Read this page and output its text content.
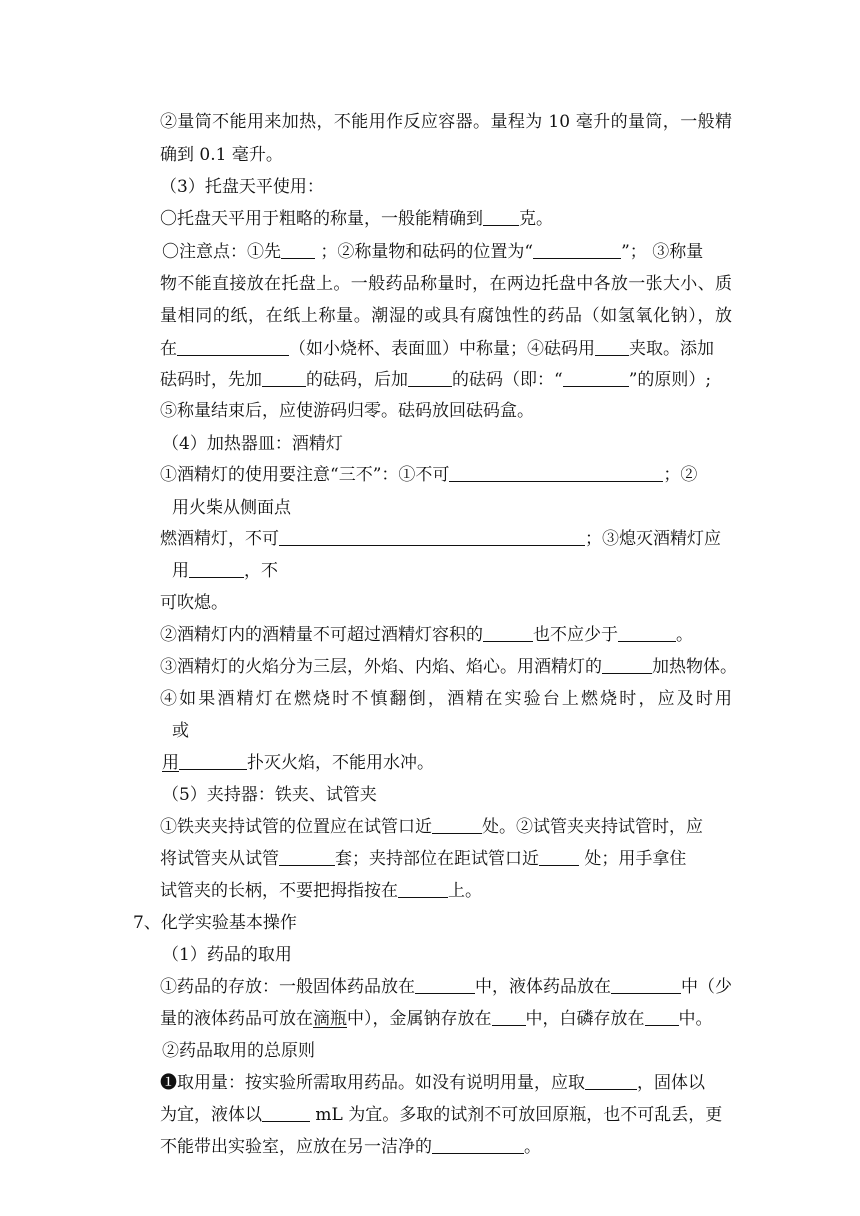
②量筒不能用来加热，不能用作反应容器。量程为 10 毫升的量筒，一般精
确到 0.1 毫升。
（3）托盘天平使用：
〇托盘天平用于粗略的称量，一般能精确到 克。
〇注意点：①先 ；②称量物和砝码的位置为“	”； ③称量
物不能直接放在托盘上。一般药品称量时，在两边托盘中各放一张大小、质
量相同的纸，在纸上称量。潮湿的或具有腐蚀性的药品（如氢氧化钠），放
在	（如小烧杯、表面皿）中称量；④砝码用 夹取。添加
砝码时，先加	的砝码，后加	的砝码（即：“	”的原则）;
⑤称量结束后，应使游码归零。砝码放回砝码盒。
（4）加热器皿：酒精灯
①酒精灯的使用要注意“三不”：①不可	；②
用火柴从侧面点
燃酒精灯，不可	；③熄灭酒精灯应
用	，不
可吹熄。
②酒精灯内的酒精量不可超过酒精灯容积的	也不应少于	。
③酒精灯的火焰分为三层，外焰、内焰、焰心。用酒精灯的	加热物体。
④如果酒精灯在燃烧时不慎翻倒，酒精在实验台上燃烧时，应及时用
或
用	扑灭火焰，不能用水冲。
（5）夹持器：铁夹、试管夹
①铁夹夹持试管的位置应在试管口近	处。②试管夹夹持试管时，应
将试管夹从试管	套；夹持部位在距试管口近 处；用手拿住
试管夹的长柄，不要把拇指按在	上。
7、化学实验基本操作
（1）药品的取用
①药品的存放：一般固体药品放在	中，液体药品放在	中（少
量的液体药品可放在滴瓶中），金属钠存放在 中，白磷存放在 中。
②药品取用的总原则
❶取用量：按实验所需取用药品。如没有说明用量，应取	，固体以
为宜，液体以	mL 为宜。多取的试剂不可放回原瓶，也不可乱丢，更
不能带出实验室，应放在另一洁净的	。
